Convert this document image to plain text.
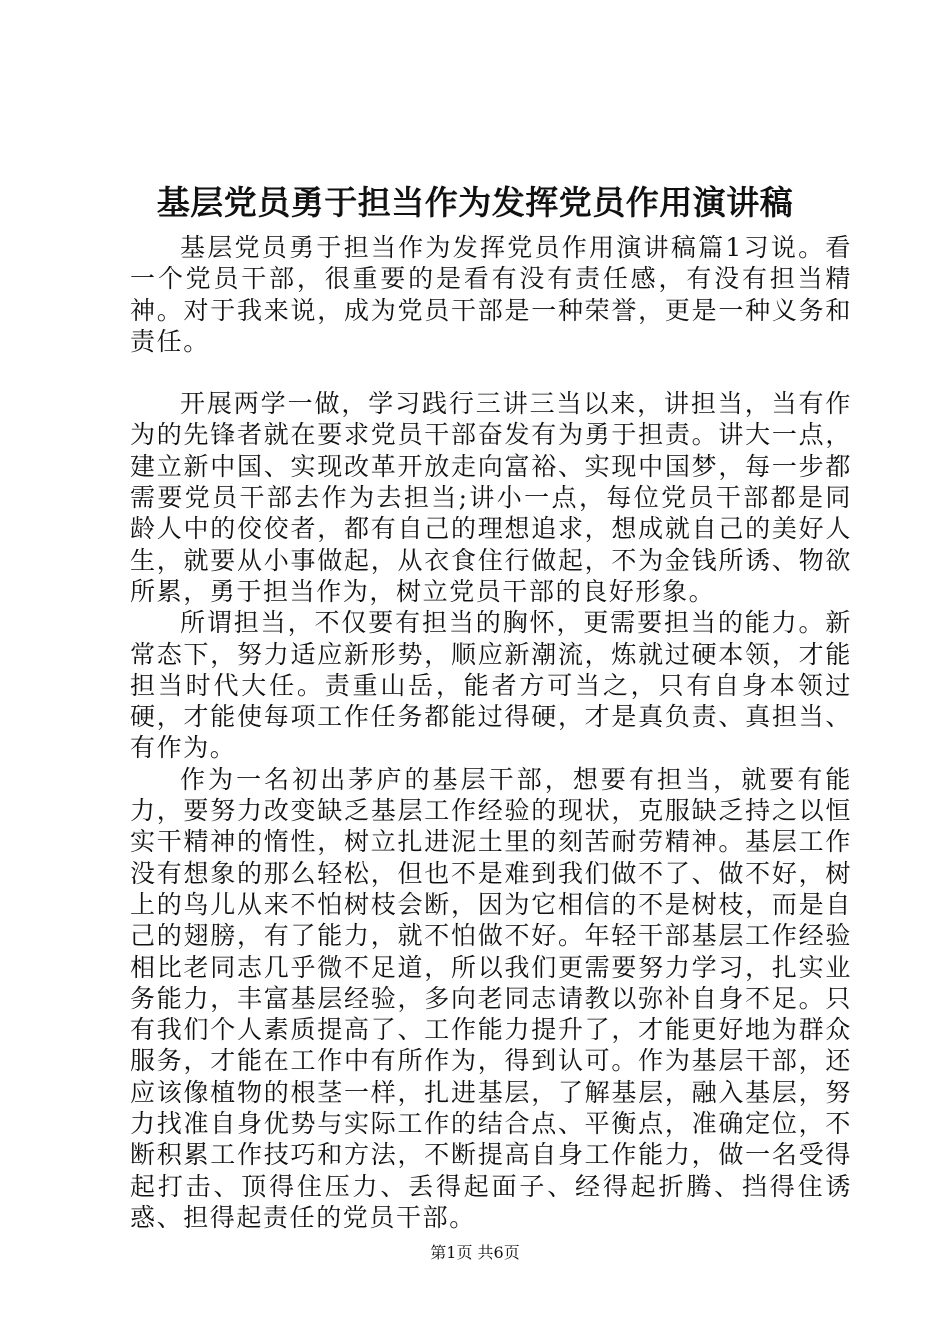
基层党员勇于担当作为发挥党员作用演讲稿

基层党员勇于担当作为发挥党员作用演讲稿篇1习说。看一个党员干部，很重要的是看有没有责任感，有没有担当精神。对于我来说，成为党员干部是一种荣誉，更是一种义务和责任。

开展两学一做，学习践行三讲三当以来，讲担当，当有作为的先锋者就在要求党员干部奋发有为勇于担责。讲大一点，建立新中国、实现改革开放走向富裕、实现中国梦，每一步都需要党员干部去作为去担当;讲小一点，每位党员干部都是同龄人中的佼佼者，都有自己的理想追求，想成就自己的美好人生，就要从小事做起，从衣食住行做起，不为金钱所诱、物欲所累，勇于担当作为，树立党员干部的良好形象。

所谓担当，不仅要有担当的胸怀，更需要担当的能力。新常态下，努力适应新形势，顺应新潮流，炼就过硬本领，才能担当时代大任。责重山岳，能者方可当之，只有自身本领过硬，才能使每项工作任务都能过得硬，才是真负责、真担当、有作为。

作为一名初出茅庐的基层干部，想要有担当，就要有能力，要努力改变缺乏基层工作经验的现状，克服缺乏持之以恒实干精神的惰性，树立扎进泥土里的刻苦耐劳精神。基层工作没有想象的那么轻松，但也不是难到我们做不了、做不好，树上的鸟儿从来不怕树枝会断，因为它相信的不是树枝，而是自己的翅膀，有了能力，就不怕做不好。年轻干部基层工作经验相比老同志几乎微不足道，所以我们更需要努力学习，扎实业务能力，丰富基层经验，多向老同志请教以弥补自身不足。只有我们个人素质提高了、工作能力提升了，才能更好地为群众服务，才能在工作中有所作为，得到认可。作为基层干部，还应该像植物的根茎一样，扎进基层，了解基层，融入基层，努力找准自身优势与实际工作的结合点、平衡点，准确定位，不断积累工作技巧和方法，不断提高自身工作能力，做一名受得起打击、顶得住压力、丢得起面子、经得起折腾、挡得住诱惑、担得起责任的党员干部。

第1页 共6页
